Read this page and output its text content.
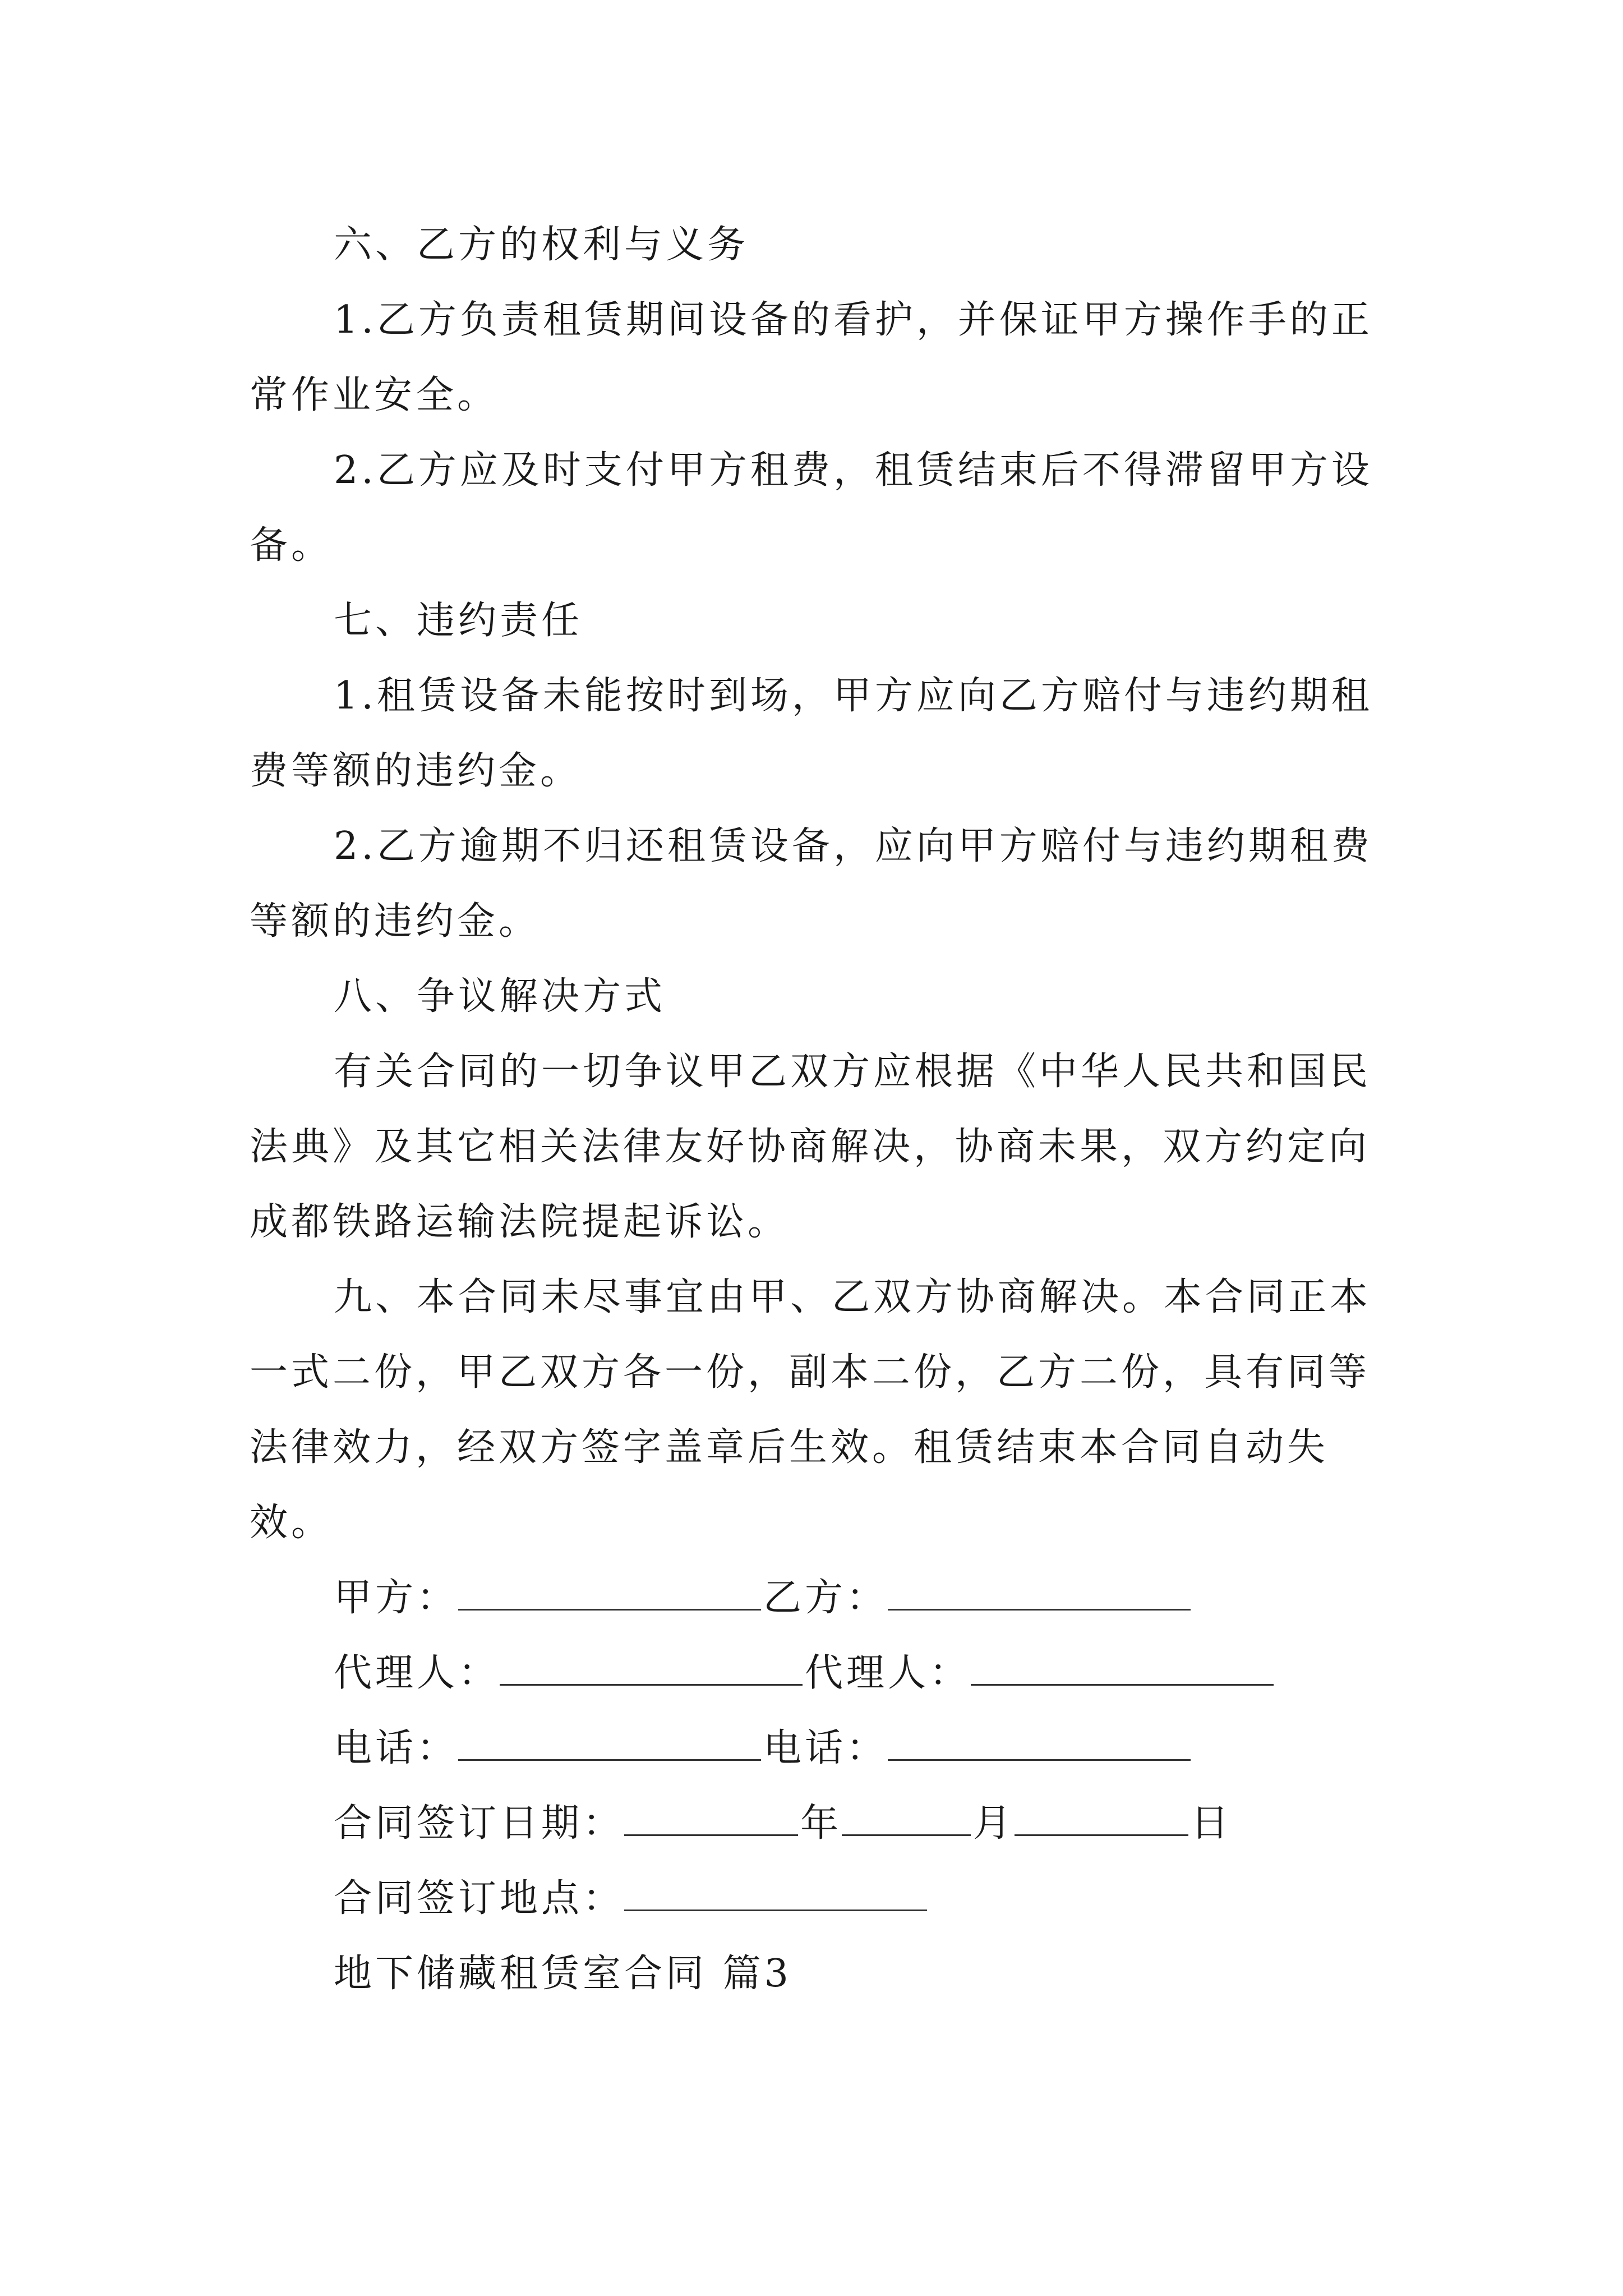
六、乙方的权利与义务

1.乙方负责租赁期间设备的看护，并保证甲方操作手的正常作业安全。

2.乙方应及时支付甲方租费，租赁结束后不得滞留甲方设备。

七、违约责任

1.租赁设备未能按时到场，甲方应向乙方赔付与违约期租费等额的违约金。

2.乙方逾期不归还租赁设备，应向甲方赔付与违约期租费等额的违约金。

八、争议解决方式

有关合同的一切争议甲乙双方应根据《中华人民共和国民法典》及其它相关法律友好协商解决，协商未果，双方约定向成都铁路运输法院提起诉讼。

九、本合同未尽事宜由甲、乙双方协商解决。本合同正本一式二份，甲乙双方各一份，副本二份，乙方二份，具有同等法律效力，经双方签字盖章后生效。租赁结束本合同自动失效。

甲方：	乙方：
代理人：	代理人：
电话：	电话：
合同签订日期：	年	月	日
合同签订地点：

地下储藏租赁室合同 篇3
